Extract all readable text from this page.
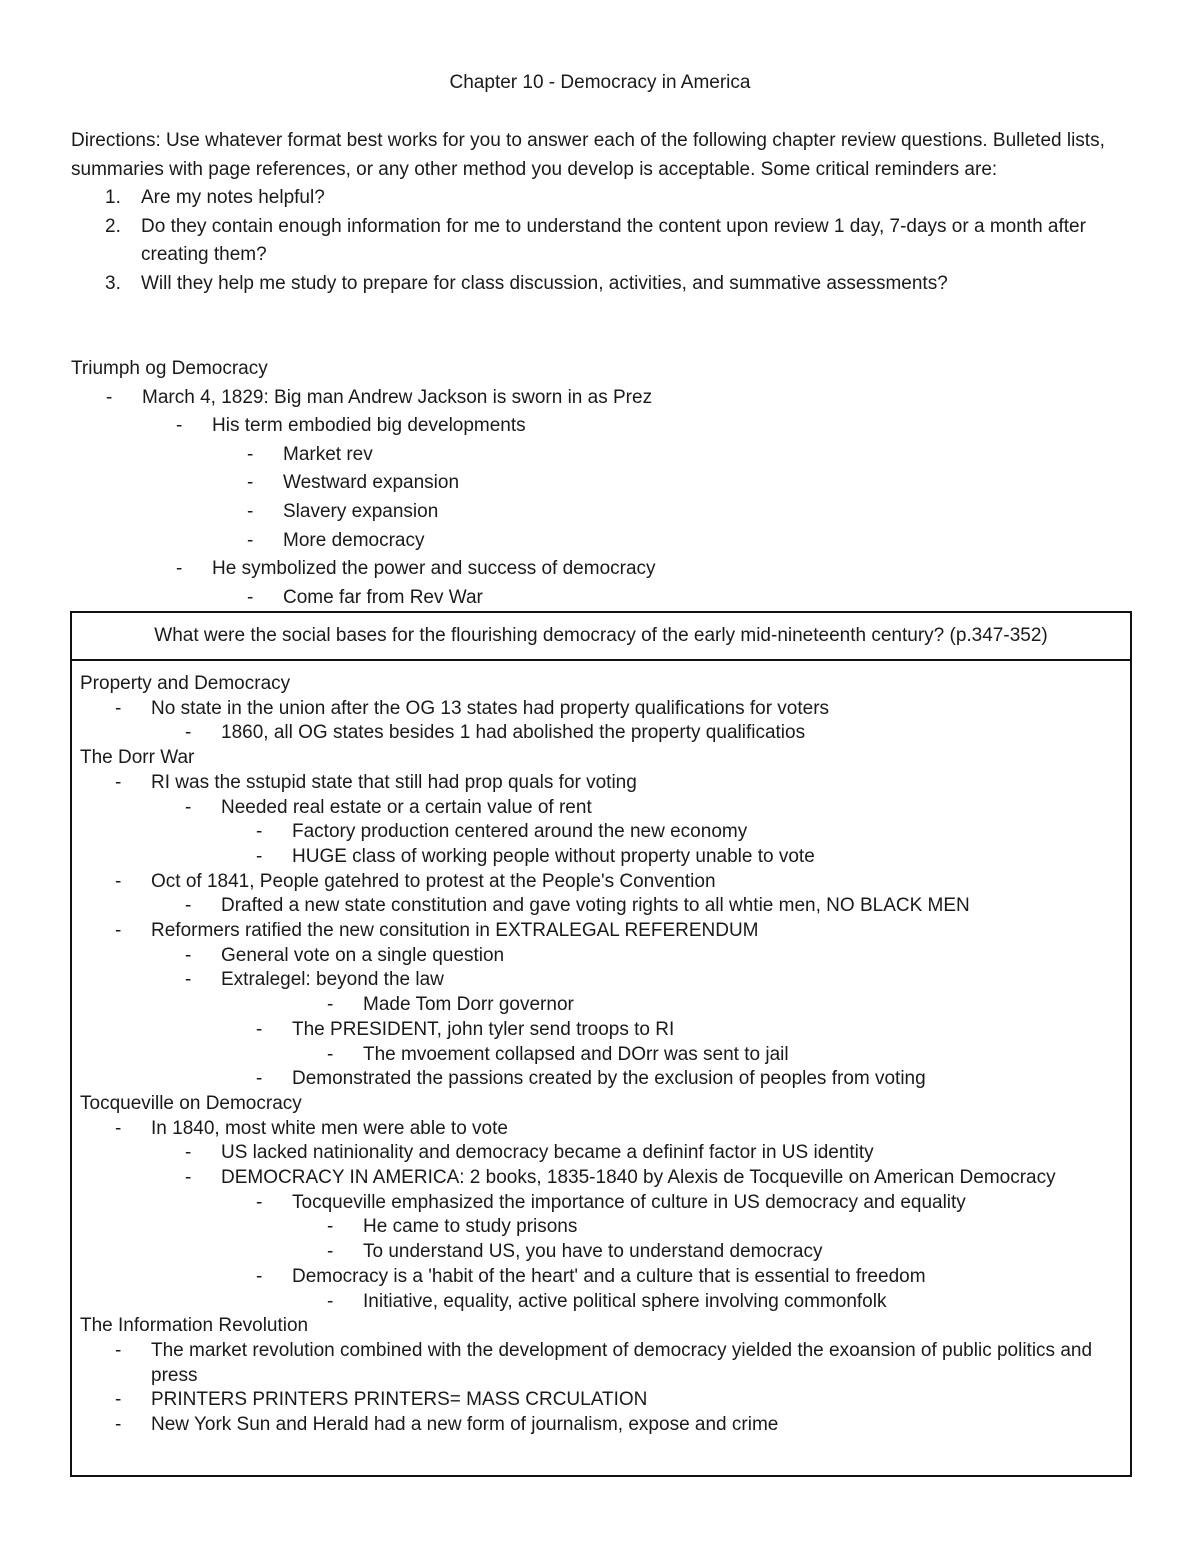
Chapter 10 - Democracy in America
Directions: Use whatever format best works for you to answer each of the following chapter review questions. Bulleted lists, summaries with page references, or any other method you develop is acceptable. Some critical reminders are:
1. Are my notes helpful?
2. Do they contain enough information for me to understand the content upon review 1 day, 7-days or a month after creating them?
3. Will they help me study to prepare for class discussion, activities, and summative assessments?
Triumph og Democracy
- March 4, 1829: Big man Andrew Jackson is sworn in as Prez
- His term embodied big developments
- Market rev
- Westward expansion
- Slavery expansion
- More democracy
- He symbolized the power and success of democracy
- Come far from Rev War
What were the social bases for the flourishing democracy of the early mid-nineteenth century? (p.347-352)
Property and Democracy
- No state in the union after the OG 13 states had property qualifications for voters
- 1860, all OG states besides 1 had abolished the property qualificatios
The Dorr War
- RI was the sstupid state that still had prop quals for voting
- Needed real estate or a certain value of rent
- Factory production centered around the new economy
- HUGE class of working people without property unable to vote
- Oct of 1841, People gatehred to protest at the People's Convention
- Drafted a new state constitution and gave voting rights to all whtie men, NO BLACK MEN
- Reformers ratified the new consitution in EXTRALEGAL REFERENDUM
- General vote on a single question
- Extralegel: beyond the law
- Made Tom Dorr governor
- The PRESIDENT, john tyler send troops to RI
- The mvoement collapsed and DOrr was sent to jail
- Demonstrated the passions created by the exclusion of peoples from voting
Tocqueville on Democracy
- In 1840, most white men were able to vote
- US lacked natinionality and democracy became a defininf factor in US identity
- DEMOCRACY IN AMERICA: 2 books, 1835-1840 by Alexis de Tocqueville on American Democracy
- Tocqueville emphasized the importance of culture in US democracy and equality
- He came to study prisons
- To understand US, you have to understand democracy
- Democracy is a 'habit of the heart' and a culture that is essential to freedom
- Initiative, equality, active political sphere involving commonfolk
The Information Revolution
- The market revolution combined with the development of democracy yielded the exoansion of public politics and press
- PRINTERS PRINTERS PRINTERS= MASS CRCULATION
- New York Sun and Herald had a new form of journalism, expose and crime
